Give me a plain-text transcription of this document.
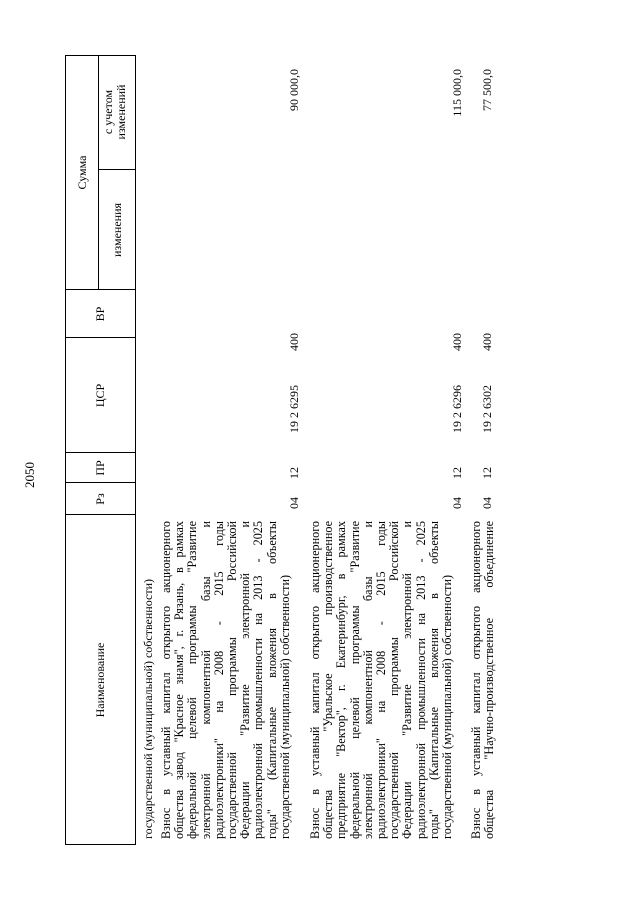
2050
Наименование
Рз
ПР
ЦСР
ВР
Сумма
изменения
с учетом изменений
государственной (муниципальной) собственности) Взнос в уставный капитал открытого акционерного общества завод "Красное знамя", г. Рязань, в рамках федеральной целевой программы "Развитие электронной компонентной базы и радиоэлектроники" на 2008 - 2015 годы государственной программы Российской Федерации "Развитие электронной и радиоэлектронной промышленности на 2013 - 2025 годы" (Капитальные вложения в объекты государственной (муниципальной) собственности)
04
12
19 2 6295
400
90 000,0
Взнос в уставный капитал открытого акционерного общества "Уральское производственное предприятие "Вектор", г. Екатеринбург, в рамках федеральной целевой программы "Развитие электронной компонентной базы и радиоэлектроники" на 2008 - 2015 годы государственной программы Российской Федерации "Развитие электронной и радиоэлектронной промышленности на 2013 - 2025 годы" (Капитальные вложения в объекты государственной (муниципальной) собственности)
04
12
19 2 6296
400
115 000,0
Взнос в уставный капитал открытого акционерного общества "Научно-производственное объединение
04
12
19 2 6302
400
77 500,0
